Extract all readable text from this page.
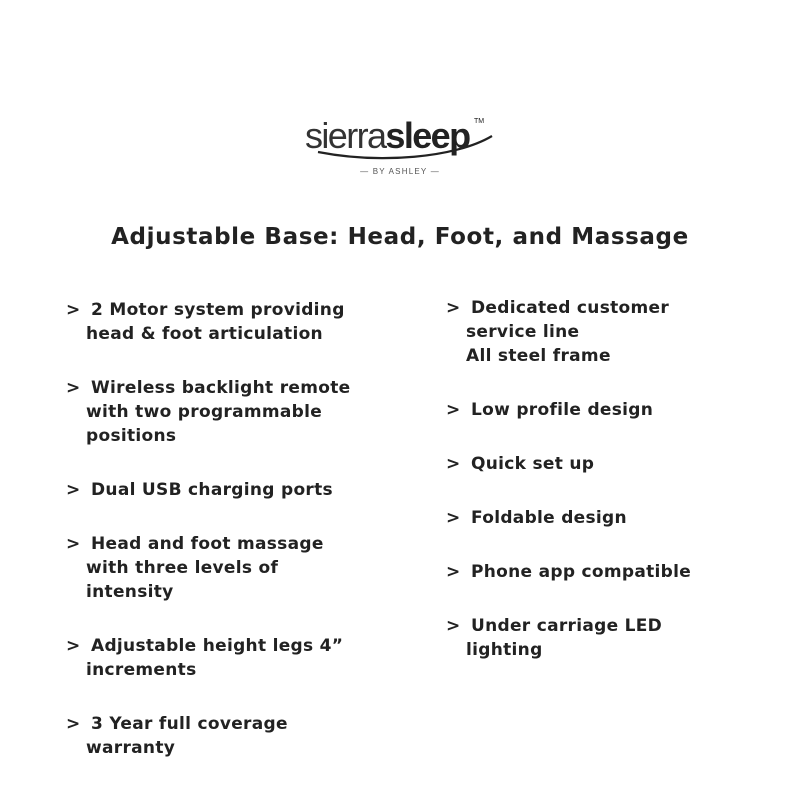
sierrasleep TM
— BY ASHLEY —
Adjustable Base: Head, Foot, and Massage
> 2 Motor system providing
head & foot articulation
> Wireless backlight remote
with two programmable
positions
> Dual USB charging ports
> Head and foot massage
with three levels of
intensity
> Adjustable height legs 4”
increments
> 3 Year full coverage
warranty
> Dedicated customer
service line
All steel frame
> Low profile design
> Quick set up
> Foldable design
> Phone app compatible
> Under carriage LED
lighting
